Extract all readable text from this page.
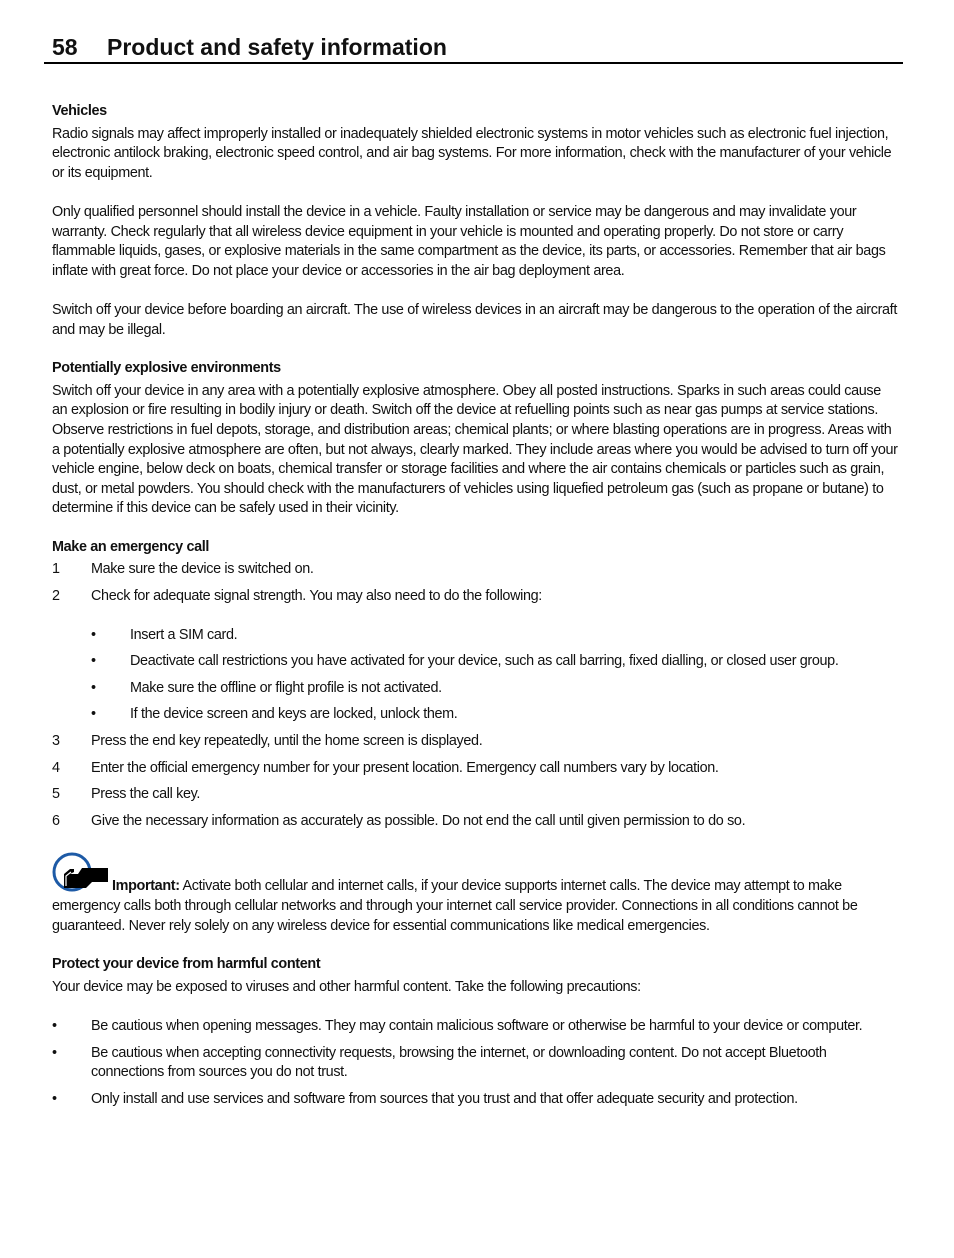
58 Product and safety information
Vehicles

Radio signals may affect improperly installed or inadequately shielded electronic systems in motor vehicles such as electronic fuel injection, electronic antilock braking, electronic speed control, and air bag systems. For more information, check with the manufacturer of your vehicle or its equipment.

Only qualified personnel should install the device in a vehicle. Faulty installation or service may be dangerous and may invalidate your warranty. Check regularly that all wireless device equipment in your vehicle is mounted and operating properly. Do not store or carry flammable liquids, gases, or explosive materials in the same compartment as the device, its parts, or accessories. Remember that air bags inflate with great force. Do not place your device or accessories in the air bag deployment area.

Switch off your device before boarding an aircraft. The use of wireless devices in an aircraft may be dangerous to the operation of the aircraft and may be illegal.

Potentially explosive environments

Switch off your device in any area with a potentially explosive atmosphere. Obey all posted instructions. Sparks in such areas could cause an explosion or fire resulting in bodily injury or death. Switch off the device at refuelling points such as near gas pumps at service stations. Observe restrictions in fuel depots, storage, and distribution areas; chemical plants; or where blasting operations are in progress. Areas with a potentially explosive atmosphere are often, but not always, clearly marked. They include areas where you would be advised to turn off your vehicle engine, below deck on boats, chemical transfer or storage facilities and where the air contains chemicals or particles such as grain, dust, or metal powders. You should check with the manufacturers of vehicles using liquefied petroleum gas (such as propane or butane) to determine if this device can be safely used in their vicinity.

Make an emergency call
1 Make sure the device is switched on.
2 Check for adequate signal strength. You may also need to do the following:
• Insert a SIM card.
• Deactivate call restrictions you have activated for your device, such as call barring, fixed dialling, or closed user group.
• Make sure the offline or flight profile is not activated.
• If the device screen and keys are locked, unlock them.
3 Press the end key repeatedly, until the home screen is displayed.
4 Enter the official emergency number for your present location. Emergency call numbers vary by location.
5 Press the call key.
6 Give the necessary information as accurately as possible. Do not end the call until given permission to do so.

Important: Activate both cellular and internet calls, if your device supports internet calls. The device may attempt to make emergency calls both through cellular networks and through your internet call service provider. Connections in all conditions cannot be guaranteed. Never rely solely on any wireless device for essential communications like medical emergencies.

Protect your device from harmful content

Your device may be exposed to viruses and other harmful content. Take the following precautions:

• Be cautious when opening messages. They may contain malicious software or otherwise be harmful to your device or computer.
• Be cautious when accepting connectivity requests, browsing the internet, or downloading content. Do not accept Bluetooth connections from sources you do not trust.
• Only install and use services and software from sources that you trust and that offer adequate security and protection.
